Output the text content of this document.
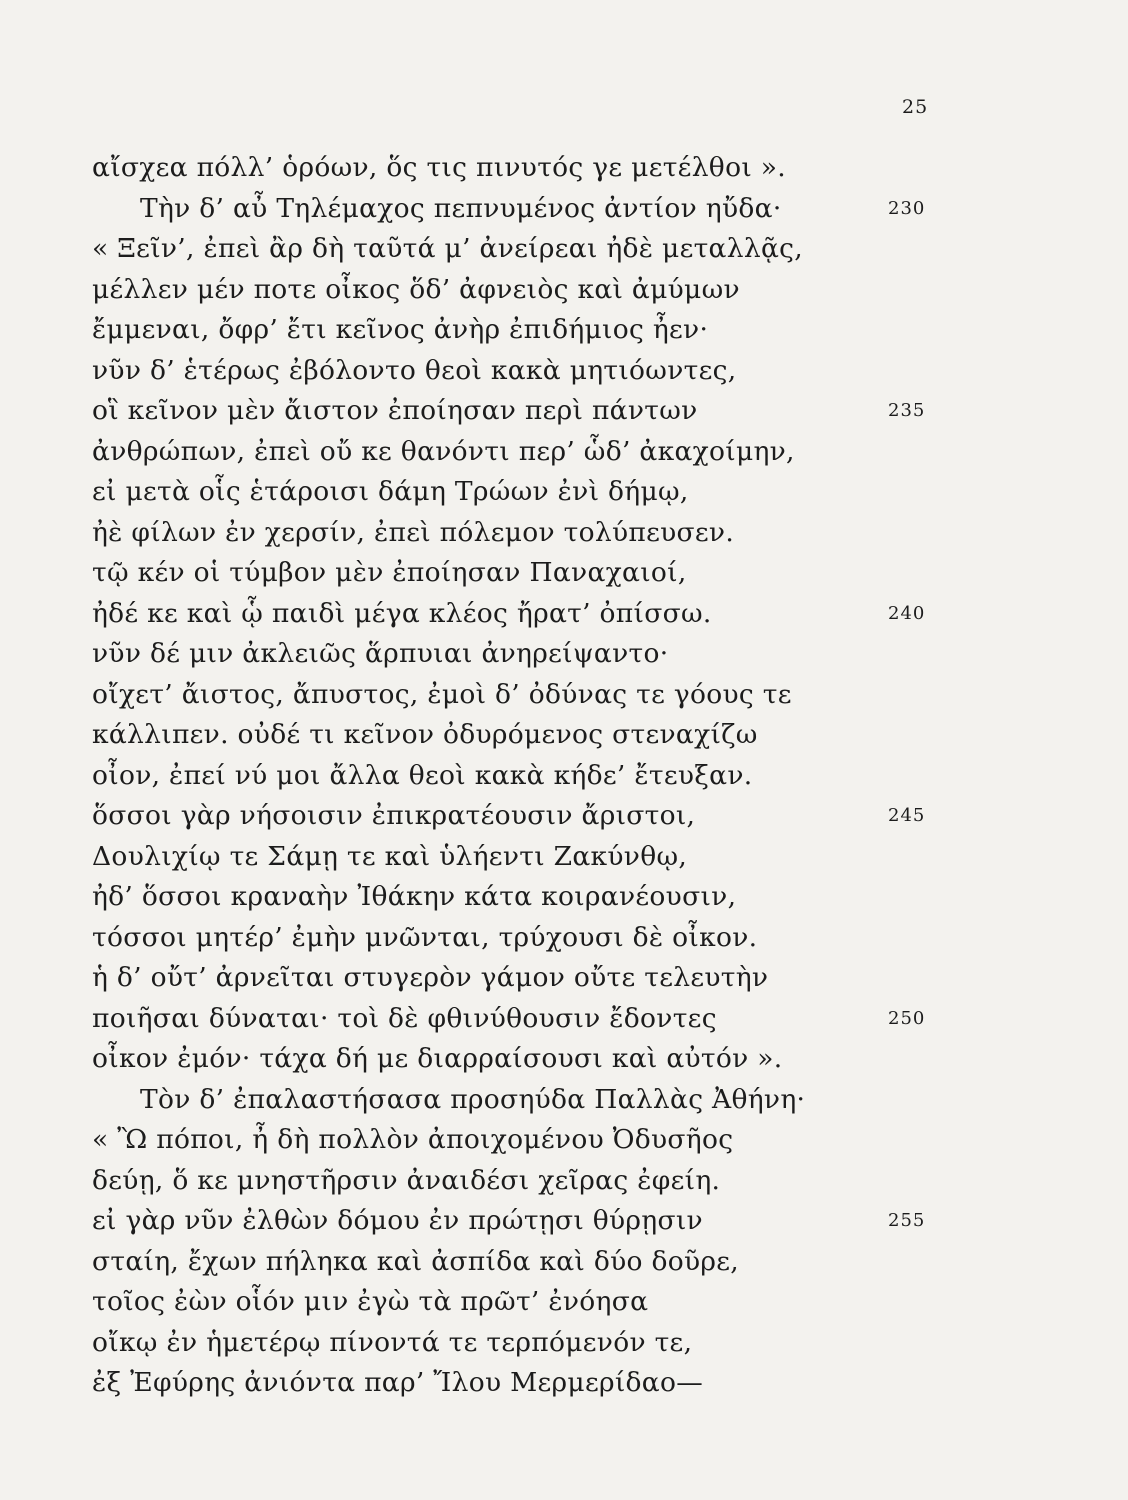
25
αἴσχεα πόλλ’ ὁρόων, ὅς τις πινυτός γε μετέλθοι ».
Τὴν δ’ αὖ Τηλέμαχος πεπνυμένος ἀντίον ηὔδα·	230
« Ξεῖν’, ἐπεὶ ἂρ δὴ ταῦτά μ’ ἀνείρεαι ἠδὲ μεταλλᾷς,
μέλλεν μέν ποτε οἶκος ὅδ’ ἀφνειὸς καὶ ἀμύμων
ἔμμεναι, ὄφρ’ ἔτι κεῖνος ἀνὴρ ἐπιδήμιος ἦεν·
νῦν δ’ ἑτέρως ἐβόλοντο θεοὶ κακὰ μητιόωντες,
οἳ κεῖνον μὲν ἄιστον ἐποίησαν περὶ πάντων	235
ἀνθρώπων, ἐπεὶ οὔ κε θανόντι περ’ ὧδ’ ἀκαχοίμην,
εἰ μετὰ οἷς ἑτάροισι δάμη Τρώων ἐνὶ δήμῳ,
ἠὲ φίλων ἐν χερσίν, ἐπεὶ πόλεμον τολύπευσεν.
τῷ κέν οἱ τύμβον μὲν ἐποίησαν Παναχαιοί,
ἠδέ κε καὶ ᾧ παιδὶ μέγα κλέος ἤρατ’ ὀπίσσω.	240
νῦν δέ μιν ἀκλειῶς ἅρπυιαι ἀνηρείψαντο·
οἴχετ’ ἄιστος, ἄπυστος, ἐμοὶ δ’ ὀδύνας τε γόους τε
κάλλιπεν. οὐδέ τι κεῖνον ὀδυρόμενος στεναχίζω
οἶον, ἐπεί νύ μοι ἄλλα θεοὶ κακὰ κήδε’ ἔτευξαν.
ὅσσοι γὰρ νήσοισιν ἐπικρατέουσιν ἄριστοι,	245
Δουλιχίῳ τε Σάμῃ τε καὶ ὑλήεντι Ζακύνθῳ,
ἠδ’ ὅσσοι κραναὴν Ἰθάκην κάτα κοιρανέουσιν,
τόσσοι μητέρ’ ἐμὴν μνῶνται, τρύχουσι δὲ οἶκον.
ἡ δ’ οὔτ’ ἀρνεῖται στυγερὸν γάμον οὔτε τελευτὴν
ποιῆσαι δύναται· τοὶ δὲ φθινύθουσιν ἔδοντες	250
οἶκον ἐμόν· τάχα δή με διαρραίσουσι καὶ αὐτόν ».
Τὸν δ’ ἐπαλαστήσασα προσηύδα Παλλὰς Ἀθήνη·
« Ὢ πόποι, ἦ δὴ πολλὸν ἀποιχομένου Ὀδυσῆος
δεύῃ, ὅ κε μνηστῆρσιν ἀναιδέσι χεῖρας ἐφείη.
εἰ γὰρ νῦν ἐλθὼν δόμου ἐν πρώτῃσι θύρῃσιν	255
σταίη, ἔχων πήληκα καὶ ἀσπίδα καὶ δύο δοῦρε,
τοῖος ἐὼν οἷόν μιν ἐγὼ τὰ πρῶτ’ ἐνόησα
οἴκῳ ἐν ἡμετέρῳ πίνοντά τε τερπόμενόν τε,
ἐξ Ἐφύρης ἀνιόντα παρ’ Ἴλου Μερμερίδαο—
